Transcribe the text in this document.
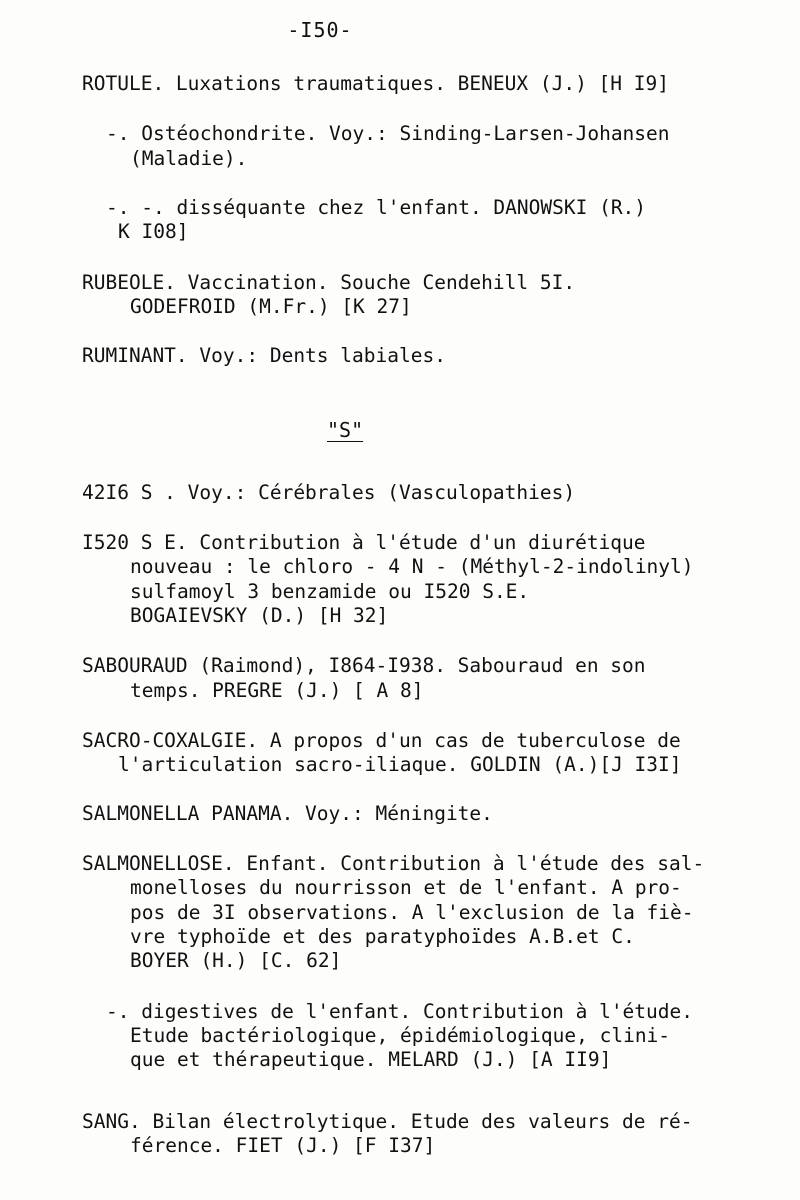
-I50-
ROTULE. Luxations traumatiques. BENEUX (J.) [H I9]
-. Ostéochondrite. Voy.: Sinding-Larsen-Johansen
(Maladie).
-. -. disséquante chez l'enfant. DANOWSKI (R.)
K I08]
RUBEOLE. Vaccination. Souche Cendehill 5I.
GODEFROID (M.Fr.) [K 27]
RUMINANT. Voy.: Dents labiales.
"S"
42I6 S . Voy.: Cérébrales (Vasculopathies)
I520 S E. Contribution à l'étude d'un diurétique
nouveau : le chloro - 4 N - (Méthyl-2-indolinyl)
sulfamoyl 3 benzamide ou I520 S.E.
BOGAIEVSKY (D.) [H 32]
SABOURAUD (Raimond), I864-I938. Sabouraud en son
temps. PREGRE (J.) [ A 8]
SACRO-COXALGIE. A propos d'un cas de tuberculose de
l'articulation sacro-iliaque. GOLDIN (A.)[J I3I]
SALMONELLA PANAMA. Voy.: Méningite.
SALMONELLOSE. Enfant. Contribution à l'étude des sal-
monelloses du nourrisson et de l'enfant. A pro-
pos de 3I observations. A l'exclusion de la fiè-
vre typhoïde et des paratyphoïdes A.B.et C.
BOYER (H.) [C. 62]
-. digestives de l'enfant. Contribution à l'étude.
Etude bactériologique, épidémiologique, clini-
que et thérapeutique. MELARD (J.) [A II9]
SANG. Bilan électrolytique. Etude des valeurs de ré-
férence. FIET (J.) [F I37]
